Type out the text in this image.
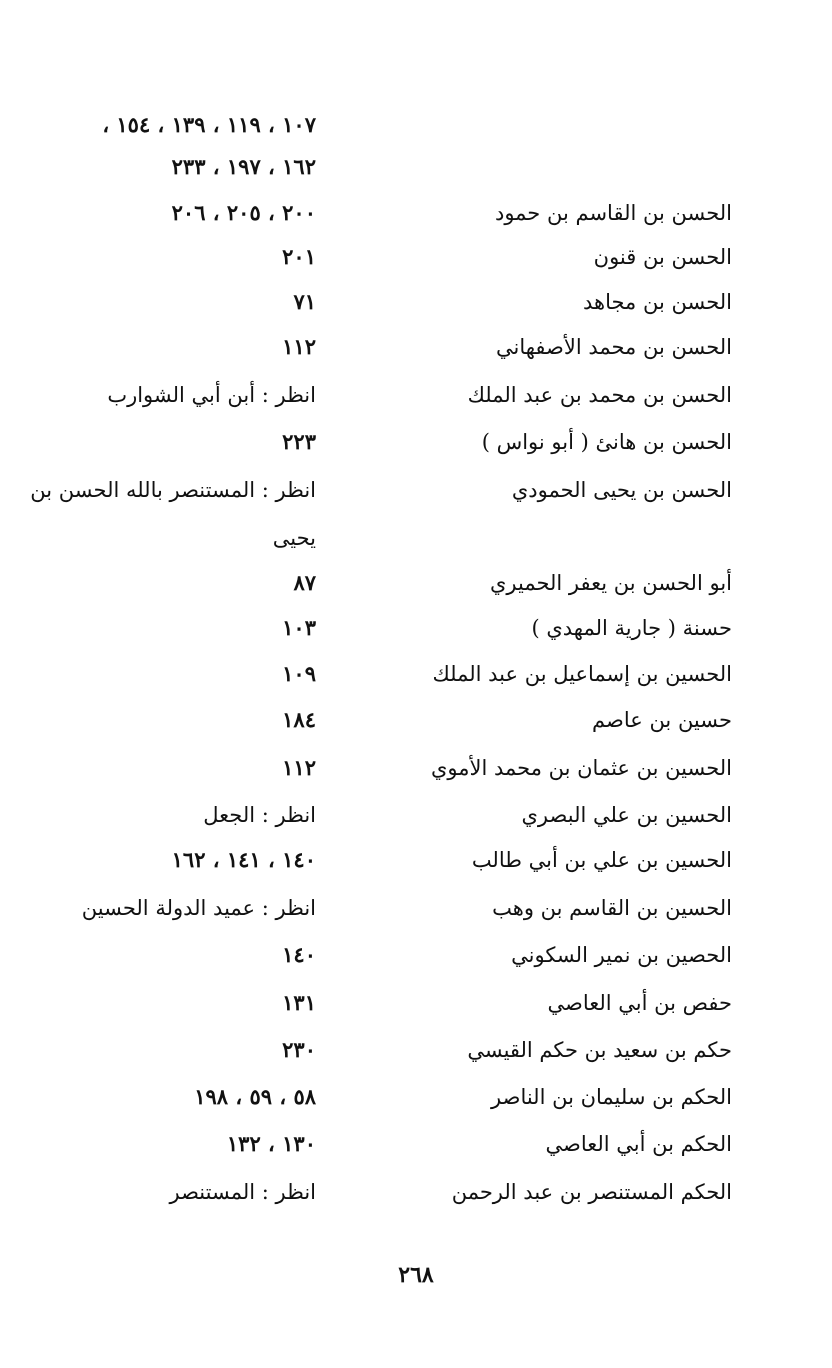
١٠٧ ، ١١٩ ، ١٣٩ ، ١٥٤ ،
١٦٢ ، ١٩٧ ، ٢٣٣
الحسن بن القاسم بن حمود
٢٠٠ ، ٢٠٥ ، ٢٠٦
الحسن بن قنون
٢٠١
الحسن بن مجاهد
٧١
الحسن بن محمد الأصفهاني
١١٢
الحسن بن محمد بن عبد الملك
انظر : أبن أبي الشوارب
الحسن بن هانئ ( أبو نواس )
٢٢٣
الحسن بن يحيى الحمودي
انظر : المستنصر بالله الحسن بن
يحيى
أبو الحسن بن يعفر الحميري
٨٧
حسنة ( جارية المهدي )
١٠٣
الحسين بن إسماعيل بن عبد الملك
١٠٩
حسين بن عاصم
١٨٤
الحسين بن عثمان بن محمد الأموي
١١٢
الحسين بن علي البصري
انظر : الجعل
الحسين بن علي بن أبي طالب
١٤٠ ، ١٤١ ، ١٦٢
الحسين بن القاسم بن وهب
انظر : عميد الدولة الحسين
الحصين بن نمير السكوني
١٤٠
حفص بن أبي العاصي
١٣١
حكم بن سعيد بن حكم القيسي
٢٣٠
الحكم بن سليمان بن الناصر
٥٨ ، ٥٩ ، ١٩٨
الحكم بن أبي العاصي
١٣٠ ، ١٣٢
الحكم المستنصر بن عبد الرحمن
انظر : المستنصر
٢٦٨
